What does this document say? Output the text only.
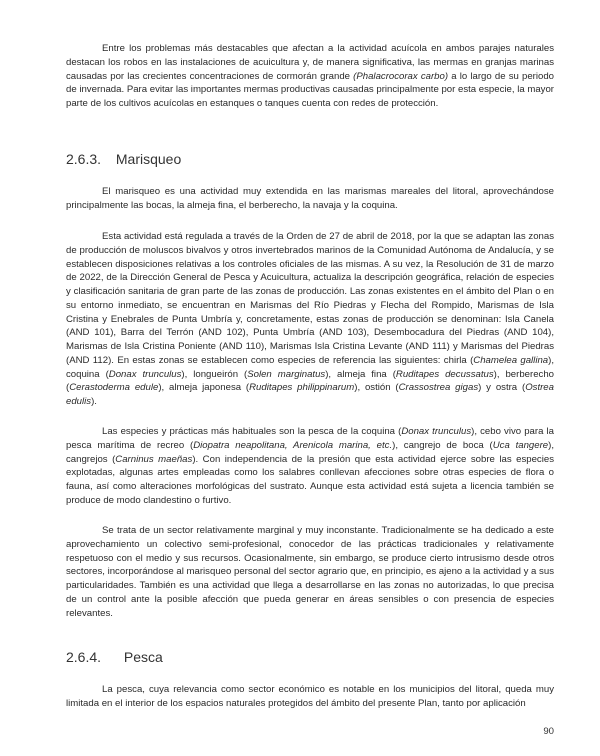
Entre los problemas más destacables que afectan a la actividad acuícola en ambos parajes naturales destacan los robos en las instalaciones de acuicultura y, de manera significativa, las mermas en granjas marinas causadas por las crecientes concentraciones de cormorán grande (Phalacrocorax carbo) a lo largo de su periodo de invernada. Para evitar las importantes mermas productivas causadas principalmente por esta especie, la mayor parte de los cultivos acuícolas en estanques o tanques cuenta con redes de protección.

2.6.3. Marisqueo

El marisqueo es una actividad muy extendida en las marismas mareales del litoral, aprovechándose principalmente las bocas, la almeja fina, el berberecho, la navaja y la coquina.

Esta actividad está regulada a través de la Orden de 27 de abril de 2018, por la que se adaptan las zonas de producción de moluscos bivalvos y otros invertebrados marinos de la Comunidad Autónoma de Andalucía, y se establecen disposiciones relativas a los controles oficiales de las mismas. A su vez, la Resolución de 31 de marzo de 2022, de la Dirección General de Pesca y Acuicultura, actualiza la descripción geográfica, relación de especies y clasificación sanitaria de gran parte de las zonas de producción. Las zonas existentes en el ámbito del Plan o en su entorno inmediato, se encuentran en Marismas del Río Piedras y Flecha del Rompido, Marismas de Isla Cristina y Enebrales de Punta Umbría y, concretamente, estas zonas de producción se denominan: Isla Canela (AND 101), Barra del Terrón (AND 102), Punta Umbría (AND 103), Desembocadura del Piedras (AND 104), Marismas de Isla Cristina Poniente (AND 110), Marismas Isla Cristina Levante (AND 111) y Marismas del Piedras (AND 112). En estas zonas se establecen como especies de referencia las siguientes: chirla (Chamelea gallina), coquina (Donax trunculus), longueirón (Solen marginatus), almeja fina (Ruditapes decussatus), berberecho (Cerastoderma edule), almeja japonesa (Ruditapes philippinarum), ostión (Crassostrea gigas) y ostra (Ostrea edulis).

Las especies y prácticas más habituales son la pesca de la coquina (Donax trunculus), cebo vivo para la pesca marítima de recreo (Diopatra neapolitana, Arenicola marina, etc.), cangrejo de boca (Uca tangere), cangrejos (Carninus maeñas). Con independencia de la presión que esta actividad ejerce sobre las especies explotadas, algunas artes empleadas como los salabres conllevan afecciones sobre otras especies de flora o fauna, así como alteraciones morfológicas del sustrato. Aunque esta actividad está sujeta a licencia también se produce de modo clandestino o furtivo.

Se trata de un sector relativamente marginal y muy inconstante. Tradicionalmente se ha dedicado a este aprovechamiento un colectivo semi-profesional, conocedor de las prácticas tradicionales y relativamente respetuoso con el medio y sus recursos. Ocasionalmente, sin embargo, se produce cierto intrusismo desde otros sectores, incorporándose al marisqueo personal del sector agrario que, en principio, es ajeno a la actividad y a sus particularidades. También es una actividad que llega a desarrollarse en las zonas no autorizadas, lo que precisa de un control ante la posible afección que pueda generar en áreas sensibles o con presencia de especies relevantes.

2.6.4. Pesca

La pesca, cuya relevancia como sector económico es notable en los municipios del litoral, queda muy limitada en el interior de los espacios naturales protegidos del ámbito del presente Plan, tanto por aplicación

90
